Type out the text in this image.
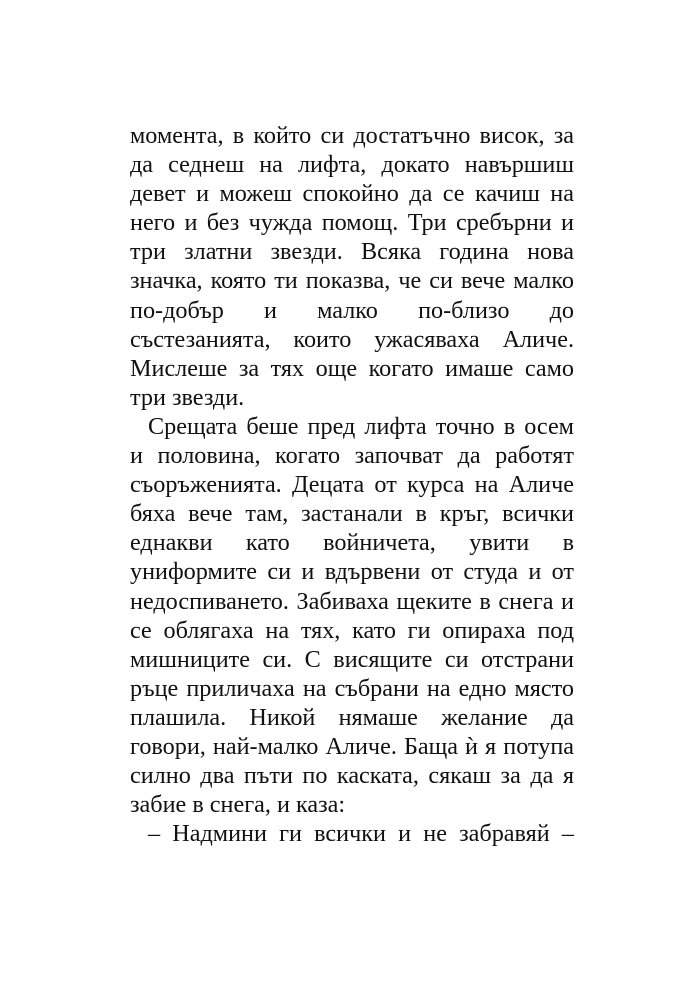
момента, в който си достатъчно висок, за да седнеш на лифта, докато навършиш девет и можеш спокойно да се качиш на него и без чужда помощ. Три сребърни и три златни звезди. Всяка година нова значка, която ти показва, че си вече малко по-добър и малко по-близо до състезанията, които ужасяваха Аличе. Мислеше за тях още когато имаше само три звезди.

Срещата беше пред лифта точно в осем и половина, когато започват да работят съоръженията. Децата от курса на Аличе бяха вече там, застанали в кръг, всички еднакви като войничета, увити в униформите си и вдървени от студа и от недоспиването. Забиваха щеките в снега и се облягаха на тях, като ги опираха под мишниците си. С висящите си отстрани ръце приличаха на събрани на едно място плашила. Никой нямаше желание да говори, най-малко Аличе. Баща ѝ я потупа силно два пъти по каската, сякаш за да я забие в снега, и каза:

– Надмини ги всички и не забравяй –
